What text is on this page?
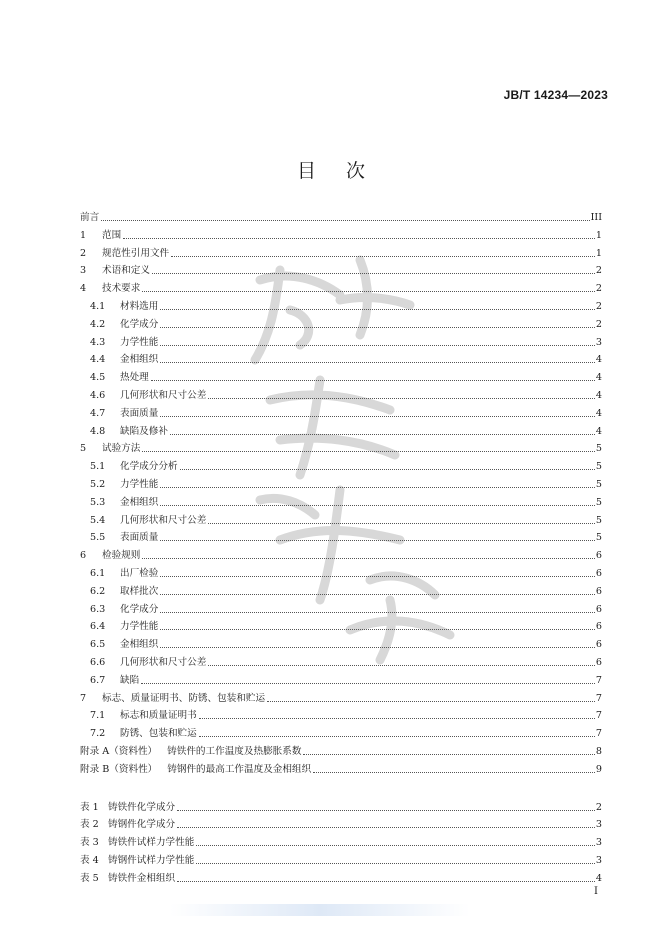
JB/T 14234—2023
目次
前言	III
1	范围	1
2	规范性引用文件	1
3	术语和定义	2
4	技术要求	2
4.1	材料选用	2
4.2	化学成分	2
4.3	力学性能	3
4.4	金相组织	4
4.5	热处理	4
4.6	几何形状和尺寸公差	4
4.7	表面质量	4
4.8	缺陷及修补	4
5	试验方法	5
5.1	化学成分分析	5
5.2	力学性能	5
5.3	金相组织	5
5.4	几何形状和尺寸公差	5
5.5	表面质量	5
6	检验规则	6
6.1	出厂检验	6
6.2	取样批次	6
6.3	化学成分	6
6.4	力学性能	6
6.5	金相组织	6
6.6	几何形状和尺寸公差	6
6.7	缺陷	7
7	标志、质量证明书、防锈、包装和贮运	7
7.1	标志和质量证明书	7
7.2	防锈、包装和贮运	7
附录 A（资料性） 铸铁件的工作温度及热膨胀系数	8
附录 B（资料性） 铸钢件的最高工作温度及金相组织	9
表 1 铸铁件化学成分	2
表 2 铸钢件化学成分	3
表 3 铸铁件试样力学性能	3
表 4 铸钢件试样力学性能	3
表 5 铸铁件金相组织	4
I
